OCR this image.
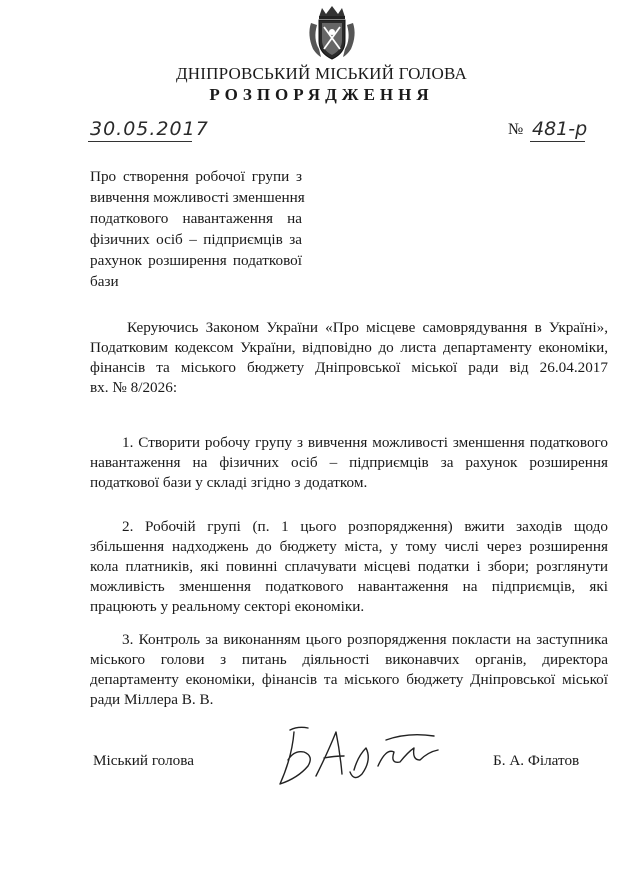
ДНІПРОВСЬКИЙ МІСЬКИЙ ГОЛОВА
РОЗПОРЯДЖЕННЯ
30.05.2017	№ 481-р
Про створення робочої групи з
вивчення можливості зменшення
податкового навантаження на
фізичних осіб – підприємців за
рахунок розширення податкової
бази
Керуючись Законом України «Про місцеве самоврядування в Україні»,
Податковим кодексом України, відповідно до листа департаменту економіки,
фінансів та міського бюджету Дніпровської міської ради від 26.04.2017
вх. № 8/2026:
1. Створити робочу групу з вивчення можливості зменшення податкового
навантаження на фізичних осіб – підприємців за рахунок розширення
податкової бази у складі згідно з додатком.
2. Робочій групі (п. 1 цього розпорядження) вжити заходів щодо
збільшення надходжень до бюджету міста, у тому числі через розширення
кола платників, які повинні сплачувати місцеві податки і збори; розглянути
можливість зменшення податкового навантаження на підприємців, які
працюють у реальному секторі економіки.
3. Контроль за виконанням цього розпорядження покласти на заступника
міського голови з питань діяльності виконавчих органів, директора
департаменту економіки, фінансів та міського бюджету Дніпровської міської
ради Міллера В. В.
Міський голова	Б. А. Філатов
